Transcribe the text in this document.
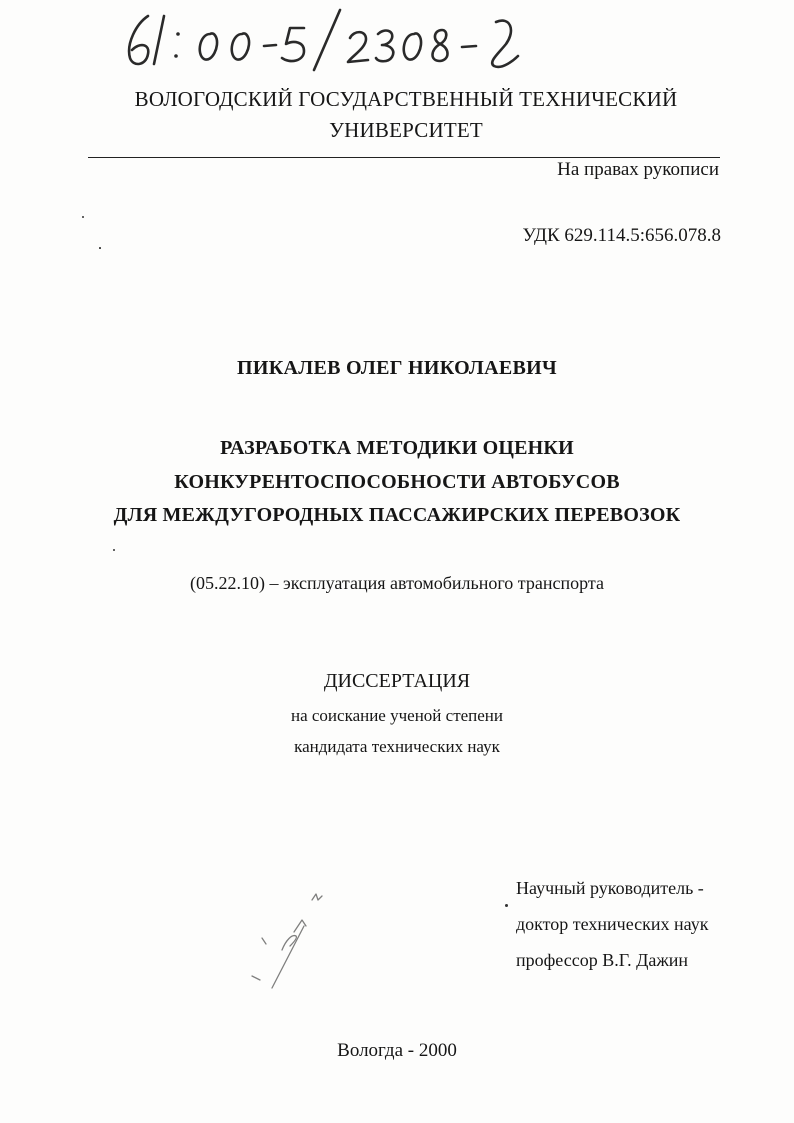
ВОЛОГОДСКИЙ ГОСУДАРСТВЕННЫЙ ТЕХНИЧЕСКИЙ
УНИВЕРСИТЕТ
На правах рукописи
УДК 629.114.5:656.078.8
ПИКАЛЕВ ОЛЕГ НИКОЛАЕВИЧ
РАЗРАБОТКА МЕТОДИКИ ОЦЕНКИ
КОНКУРЕНТОСПОСОБНОСТИ АВТОБУСОВ
ДЛЯ МЕЖДУГОРОДНЫХ ПАССАЖИРСКИХ ПЕРЕВОЗОК
(05.22.10) – эксплуатация автомобильного транспорта
ДИССЕРТАЦИЯ
на соискание ученой степени
кандидата технических наук
Научный руководитель -
доктор технических наук
профессор В.Г. Дажин
Вологда - 2000
